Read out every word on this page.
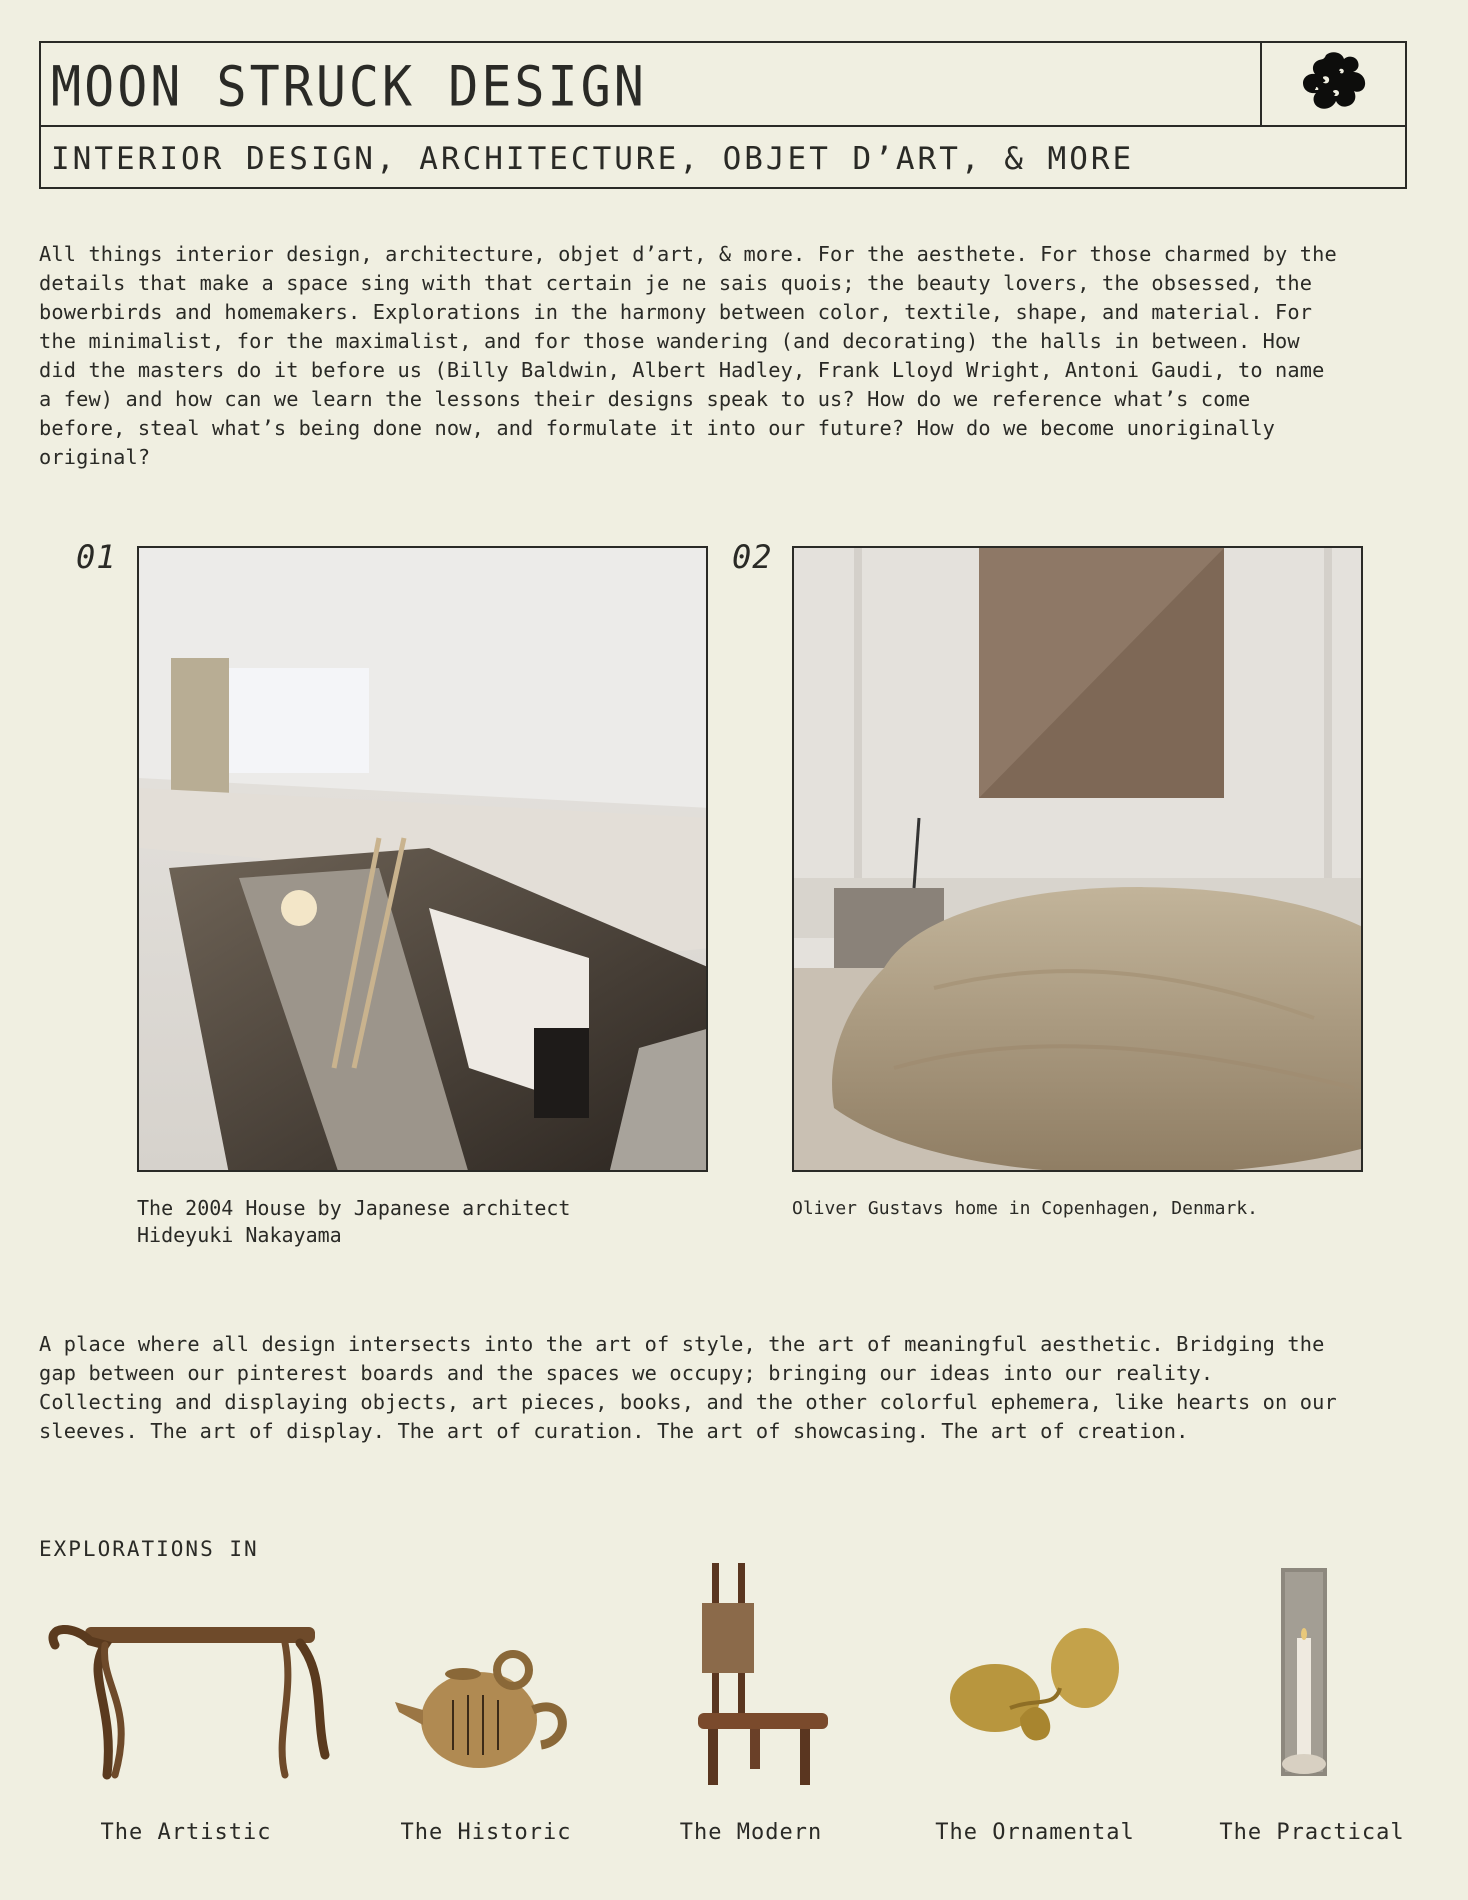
MOON STRUCK DESIGN

INTERIOR DESIGN, ARCHITECTURE, OBJET D’ART, & MORE

All things interior design, architecture, objet d’art, & more. For the aesthete. For those charmed by the
details that make a space sing with that certain je ne sais quois; the beauty lovers, the obsessed, the
bowerbirds and homemakers. Explorations in the harmony between color, textile, shape, and material. For
the minimalist, for the maximalist, and for those wandering (and decorating) the halls in between. How
did the masters do it before us (Billy Baldwin, Albert Hadley, Frank Lloyd Wright, Antoni Gaudi, to name
a few) and how can we learn the lessons their designs speak to us? How do we reference what’s come
before, steal what’s being done now, and formulate it into our future? How do we become unoriginally
original?

01

The 2004 House by Japanese architect
Hideyuki Nakayama

02

Oliver Gustavs home in Copenhagen, Denmark.

A place where all design intersects into the art of style, the art of meaningful aesthetic. Bridging the
gap between our pinterest boards and the spaces we occupy; bringing our ideas into our reality.
Collecting and displaying objects, art pieces, books, and the other colorful ephemera, like hearts on our
sleeves. The art of display. The art of curation. The art of showcasing. The art of creation.

EXPLORATIONS IN

The Artistic	The Historic	The Modern	The Ornamental	The Practical
